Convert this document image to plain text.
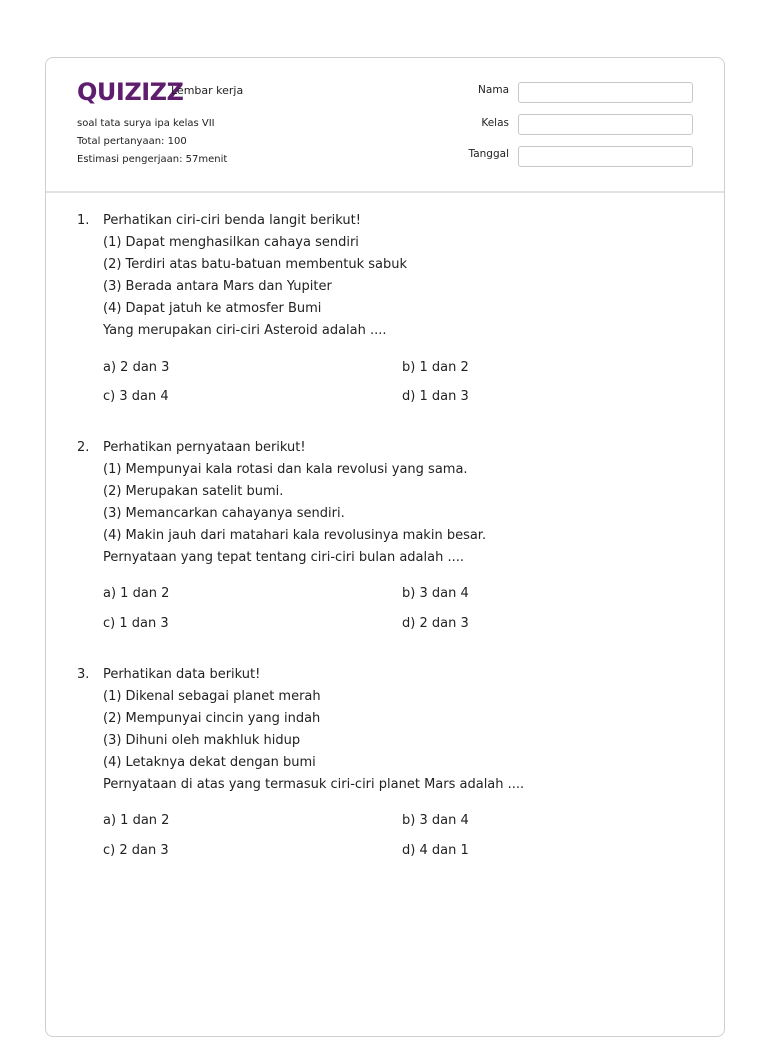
QUIZIZZ
Lembar kerja
soal tata surya ipa kelas VII
Total pertanyaan: 100
Estimasi pengerjaan: 57menit
Nama
Kelas
Tanggal
1. Perhatikan ciri-ciri benda langit berikut!
(1) Dapat menghasilkan cahaya sendiri
(2) Terdiri atas batu-batuan membentuk sabuk
(3) Berada antara Mars dan Yupiter
(4) Dapat jatuh ke atmosfer Bumi
Yang merupakan ciri-ciri Asteroid adalah ....
a) 2 dan 3	b) 1 dan 2
c) 3 dan 4	d) 1 dan 3
2. Perhatikan pernyataan berikut!
(1) Mempunyai kala rotasi dan kala revolusi yang sama.
(2) Merupakan satelit bumi.
(3) Memancarkan cahayanya sendiri.
(4) Makin jauh dari matahari kala revolusinya makin besar.
Pernyataan yang tepat tentang ciri-ciri bulan adalah ....
a) 1 dan 2	b) 3 dan 4
c) 1 dan 3	d) 2 dan 3
3. Perhatikan data berikut!
(1) Dikenal sebagai planet merah
(2) Mempunyai cincin yang indah
(3) Dihuni oleh makhluk hidup
(4) Letaknya dekat dengan bumi
Pernyataan di atas yang termasuk ciri-ciri planet Mars adalah ....
a) 1 dan 2	b) 3 dan 4
c) 2 dan 3	d) 4 dan 1
